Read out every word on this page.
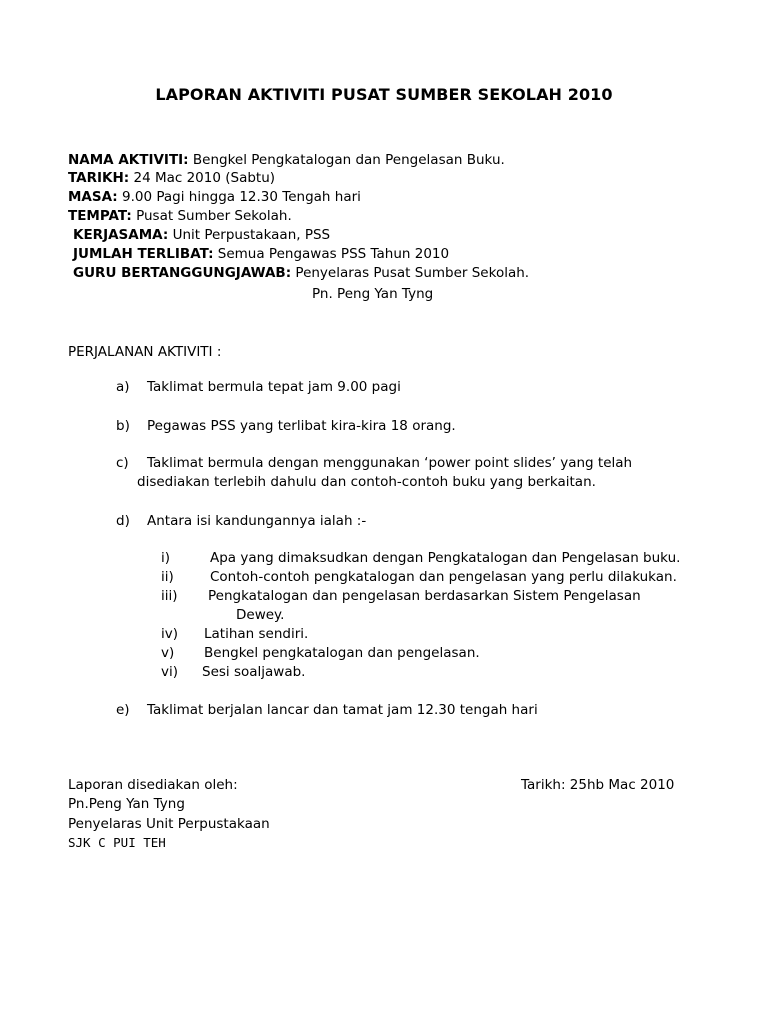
LAPORAN AKTIVITI PUSAT SUMBER SEKOLAH 2010
NAMA AKTIVITI: Bengkel Pengkatalogan dan Pengelasan Buku.
TARIKH: 24 Mac 2010 (Sabtu)
MASA: 9.00 Pagi hingga 12.30 Tengah hari
TEMPAT: Pusat Sumber Sekolah.
KERJASAMA: Unit Perpustakaan, PSS
JUMLAH TERLIBAT: Semua Pengawas PSS Tahun 2010
GURU BERTANGGUNGJAWAB: Penyelaras Pusat Sumber Sekolah.
Pn. Peng Yan Tyng
PERJALANAN AKTIVITI :
a) Taklimat bermula tepat jam 9.00 pagi
b) Pegawas PSS yang terlibat kira-kira 18 orang.
c) Taklimat bermula dengan menggunakan ‘power point slides’ yang telah
disediakan terlebih dahulu dan contoh-contoh buku yang berkaitan.
d) Antara isi kandungannya ialah :-
i)	Apa yang dimaksudkan dengan Pengkatalogan dan Pengelasan buku.
ii)	Contoh-contoh pengkatalogan dan pengelasan yang perlu dilakukan.
iii) Pengkatalogan dan pengelasan berdasarkan Sistem Pengelasan
Dewey.
iv) Latihan sendiri.
v) Bengkel pengkatalogan dan pengelasan.
vi) Sesi soaljawab.
e) Taklimat berjalan lancar dan tamat jam 12.30 tengah hari
Laporan disediakan oleh:	Tarikh: 25hb Mac 2010
Pn.Peng Yan Tyng
Penyelaras Unit Perpustakaan
SJK C PUI TEH
